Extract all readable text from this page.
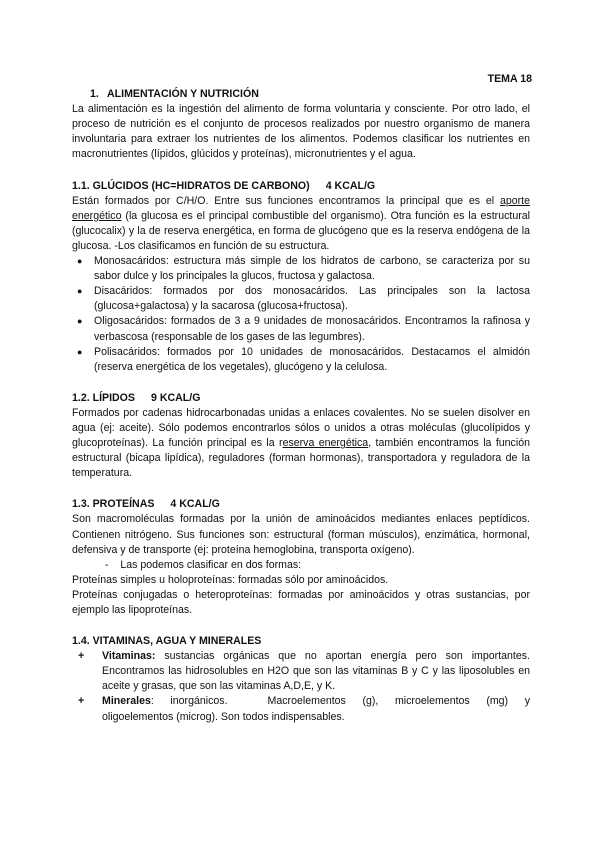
TEMA 18
1. ALIMENTACIÓN Y NUTRICIÓN

La alimentación es la ingestión del alimento de forma voluntaria y consciente. Por otro lado, el proceso de nutrición es el conjunto de procesos realizados por nuestro organismo de manera involuntaria para extraer los nutrientes de los alimentos. Podemos clasificar los nutrientes en macronutrientes (lípidos, glúcidos y proteínas), micronutrientes y el agua.

1.1. GLÚCIDOS (HC=HIDRATOS DE CARBONO) 4 KCAL/G

Están formados por C/H/O. Entre sus funciones encontramos la principal que es el aporte energético (la glucosa es el principal combustible del organismo). Otra función es la estructural (glucocalix) y la de reserva energética, en forma de glucógeno que es la reserva endógena de la glucosa. -Los clasificamos en función de su estructura.

● Monosacáridos: estructura más simple de los hidratos de carbono, se caracteriza por su sabor dulce y los principales la glucos, fructosa y galactosa.
● Disacáridos: formados por dos monosacáridos. Las principales son la lactosa (glucosa+galactosa) y la sacarosa (glucosa+fructosa).
● Oligosacáridos: formados de 3 a 9 unidades de monosacáridos. Encontramos la rafinosa y verbascosa (responsable de los gases de las legumbres).
● Polisacáridos: formados por 10 unidades de monosacáridos. Destacamos el almidón (reserva energética de los vegetales), glucógeno y la celulosa.
1.2. LÍPIDOS 9 KCAL/G

Formados por cadenas hidrocarbonadas unidas a enlaces covalentes. No se suelen disolver en agua (ej: aceite). Sólo podemos encontrarlos sólos o unidos a otras moléculas (glucolípidos y glucoproteínas). La función principal es la reserva energética, también encontramos la función estructural (bicapa lipídica), reguladores (forman hormonas), transportadora y reguladora de la temperatura.

1.3. PROTEÍNAS 4 KCAL/G

Son macromoléculas formadas por la unión de aminoácidos mediantes enlaces peptídicos. Contienen nitrógeno. Sus funciones son: estructural (forman músculos), enzimática, hormonal, defensiva y de transporte (ej: proteína hemoglobina, transporta oxígeno).

- Las podemos clasificar en dos formas:

Proteínas simples u holoproteínas: formadas sólo por aminoácidos.

Proteínas conjugadas o heteroproteínas: formadas por aminoácidos y otras sustancias, por ejemplo las lipoproteínas.

1.4. VITAMINAS, AGUA Y MINERALES
+ Vitaminas: sustancias orgánicas que no aportan energía pero son importantes. Encontramos las hidrosolubles en H2O que son las vitaminas B y C y las liposolubles en aceite y grasas, que son las vitaminas A,D,E, y K.
+ Minerales: inorgánicos.	Macroelementos (g), microelementos (mg) y oligoelementos (microg). Son todos indispensables.
